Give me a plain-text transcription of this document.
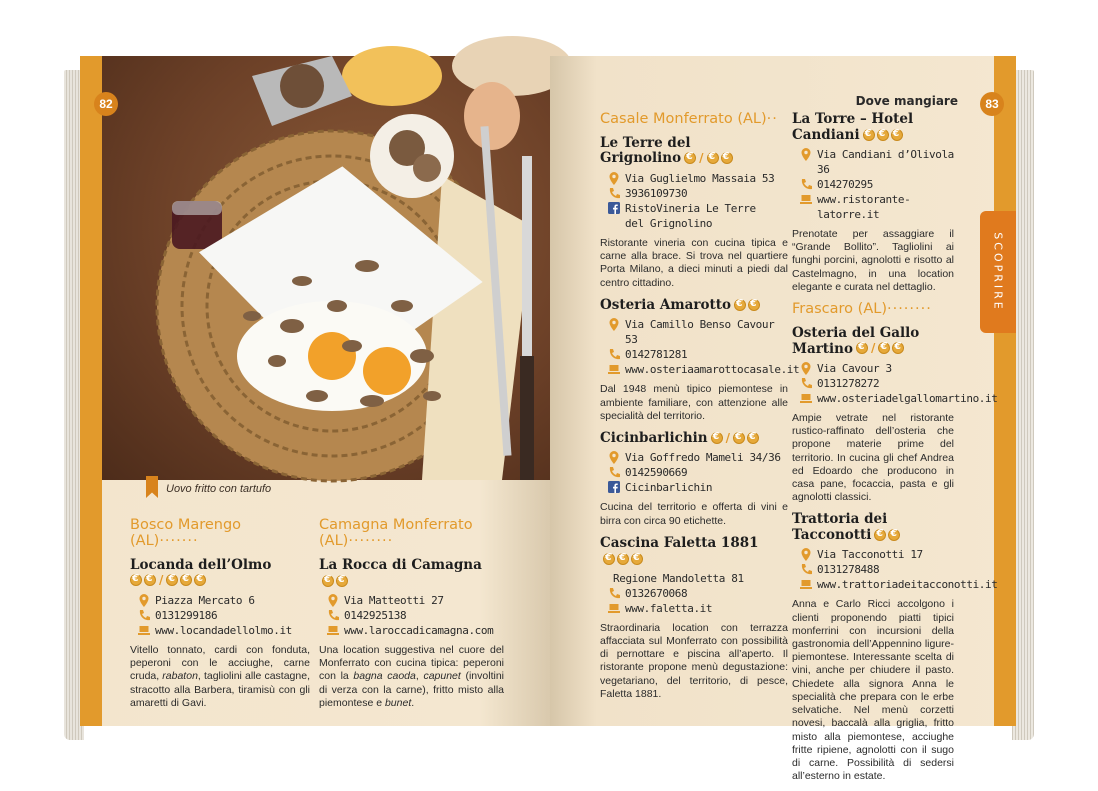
82
Uovo fritto con tartufo
Bosco Marengo (AL)·······
Locanda dell’Olmo

€
€
/
€
€
€
Piazza Mercato 6
0131299186
www.locandadellolmo.it
Vitello tonnato, cardi con fonduta, peperoni con le acciughe, carne cruda, rabaton, tagliolini alle castagne, stracotto alla Barbera, tiramisù con gli amaretti di Gavi.
Camagna Monferrato (AL)········
La Rocca di Camagna
€
€
Via Matteotti 27
0142925138
www.laroccadicamagna.com
Una location suggestiva nel cuore del Monferrato con cucina tipica: peperoni con la bagna caoda, capunet (involtini di verza con la carne), fritto misto alla piemontese e bunet.
Dove mangiare	83
SCOPRIRE
Casale Monferrato (AL)··
Le Terre del
Grignolino € /
€
€
Via Guglielmo Massaia 53
3936109730
RistoVineria Le Terre
del Grignolino
Ristorante vineria con cucina tipica e carne alla brace. Si trova nel quartiere Porta Milano, a dieci minuti a piedi dal centro cittadino.
Osteria Amarotto
€
€
Via Camillo Benso Cavour 53
0142781281
www.osteriaamarottocasale.it
Dal 1948 menù tipico piemontese in ambiente familiare, con attenzione alle specialità del territorio.
Cicinbarlichin € /
€
€
Via Goffredo Mameli 34/36
0142590669
Cicinbarlichin
Cucina del territorio e offerta di vini e birra con circa 90 etichette.
Cascina Faletta 1881
€
€
€
Regione Mandoletta 81
0132670068
www.faletta.it
Straordinaria location con terrazza affacciata sul Monferrato con possibilità di pernottare e piscina all’aperto. Il ristorante propone menù degustazione: vegetariano, del territorio, di pesce, Faletta 1881.
La Torre – Hotel
Candiani
€
€
€
Via Candiani d’Olivola 36
014270295
www.ristorante-latorre.it
Prenotate per assaggiare il “Grande Bollito”. Tagliolini ai funghi porcini, agnolotti e risotto al Castelmagno, in una location elegante e curata nel dettaglio.
Frascaro (AL)········
Osteria del Gallo
Martino € /
€
€
Via Cavour 3
0131278272
www.osteriadelgallomartino.it
Ampie vetrate nel ristorante rustico-raffinato dell’osteria che propone materie prime del territorio. In cucina gli chef Andrea ed Edoardo che producono in casa pane, focaccia, pasta e gli agnolotti classici.
Trattoria dei
Tacconotti
€
€
Via Tacconotti 17
0131278488
www.trattoriadeitacconotti.it
Anna e Carlo Ricci accolgono i clienti proponendo piatti tipici monferrini con incursioni della gastronomia dell’Appennino ligure-piemontese. Interessante scelta di vini, anche per chiudere il pasto. Chiedete alla signora Anna le specialità che prepara con le erbe selvatiche. Nel menù corzetti novesi, baccalà alla griglia, fritto misto alla piemontese, acciughe fritte ripiene, agnolotti con il sugo di carne. Possibilità di sedersi all’esterno in estate.
